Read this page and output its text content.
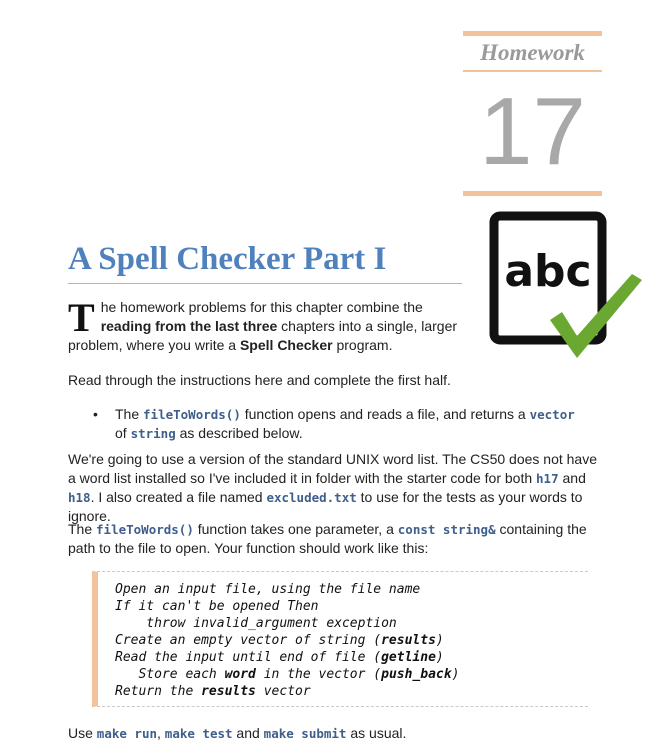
Homework
17
A Spell Checker Part I	abc
The homework problems for this chapter combine the reading from the last three chapters into a single, larger problem, where you write a Spell Checker program.
Read through the instructions here and complete the first half.
• The fileToWords() function opens and reads a file, and returns a vector
of string as described below.
We're going to use a version of the standard UNIX word list. The CS50 does not have a word list installed so I've included it in folder with the starter code for both h17 and h18. I also created a file named excluded.txt to use for the tests as your words to ignore.
The fileToWords() function takes one parameter, a const string& containing the path to the file to open. Your function should work like this:
Open an input file, using the file name
If it can't be opened Then
throw invalid_argument exception
Create an empty vector of string (results)
Read the input until end of file (getline)
Store each word in the vector (push_back)
Return the results vector
Use make run, make test and make submit as usual.
